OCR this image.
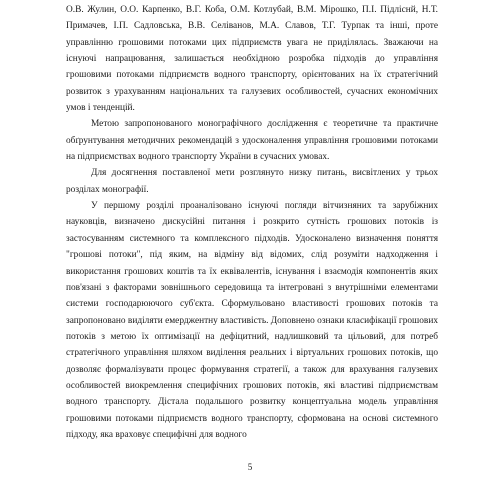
О.В. Жулин, О.О. Карпенко, В.Г. Коба, О.М. Котлубай, В.М. Мірошко, П.І. Підліснй, Н.Т. Примачев, І.П. Садловська, В.В. Селіванов, М.А. Славов, Т.Г. Турпак та інші, проте управлінню грошовими потоками цих підприємств увага не приділялась. Зважаючи на існуючі напрацювання, залишається необхідною розробка підходів до управління грошовими потоками підприємств водного транспорту, орієнтованих на їх стратегічний розвиток з урахуванням національних та галузевих особливостей, сучасних економічних умов і тенденцій.

Метою запропонованого монографічного дослідження є теоретичне та практичне обґрунтування методичних рекомендацій з удосконалення управління грошовими потоками на підприємствах водного транспорту України в сучасних умовах.

Для досягнення поставленої мети розглянуто низку питань, висвітлених у трьох розділах монографії.

У першому розділі проаналізовано існуючі погляди вітчизняних та зарубіжних науковців, визначено дискусійні питання і розкрито сутність грошових потоків із застосуванням системного та комплексного підходів. Удосконалено визначення поняття "грошові потоки", під яким, на відміну від відомих, слід розуміти надходження і використання грошових коштів та їх еквівалентів, існування і взаємодія компонентів яких пов'язані з факторами зовнішнього середовища та інтегровані з внутрішніми елементами системи господарюючого суб'єкта. Сформульовано властивості грошових потоків та запропоновано виділяти емерджентну властивість. Доповнено ознаки класифікації грошових потоків з метою їх оптимізації на дефіцитний, надлишковий та цільовий, для потреб стратегічного управління шляхом виділення реальних і віртуальних грошових потоків, що дозволяє формалізувати процес формування стратегії, а також для врахування галузевих особливостей виокремлення специфічних грошових потоків, які властиві підприємствам водного транспорту. Дістала подальшого розвитку концептуальна модель управління грошовими потоками підприємств водного транспорту, сформована на основі системного підходу, яка враховує специфічні для водного

5
